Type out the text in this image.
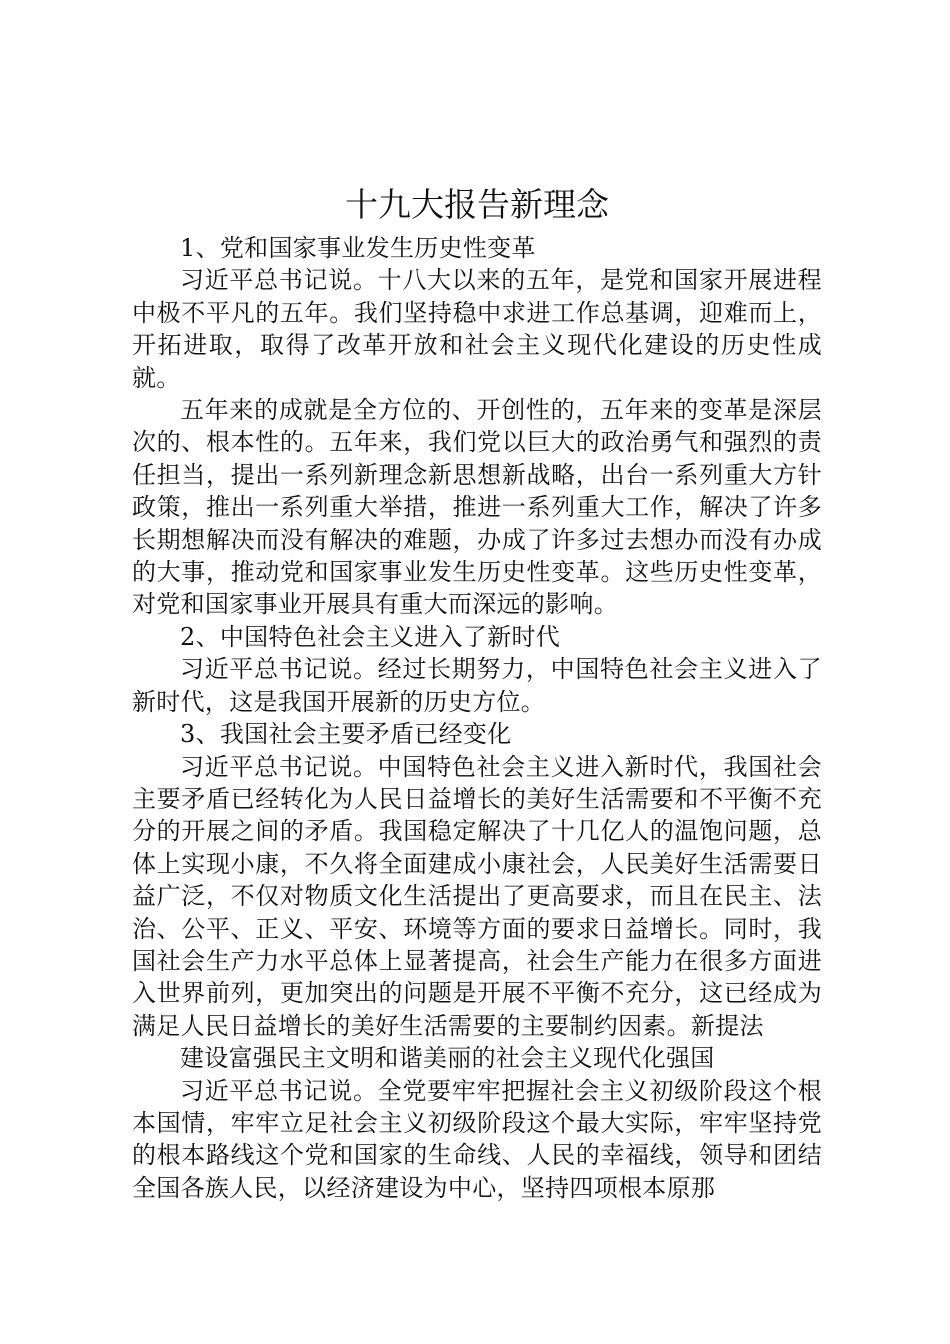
十九大报告新理念

1、党和国家事业发生历史性变革

习近平总书记说。十八大以来的五年，是党和国家开展进程中极不平凡的五年。我们坚持稳中求进工作总基调，迎难而上，开拓进取，取得了改革开放和社会主义现代化建设的历史性成就。

五年来的成就是全方位的、开创性的，五年来的变革是深层次的、根本性的。五年来，我们党以巨大的政治勇气和强烈的责任担当，提出一系列新理念新思想新战略，出台一系列重大方针政策，推出一系列重大举措，推进一系列重大工作，解决了许多长期想解决而没有解决的难题，办成了许多过去想办而没有办成的大事，推动党和国家事业发生历史性变革。这些历史性变革，对党和国家事业开展具有重大而深远的影响。

2、中国特色社会主义进入了新时代

习近平总书记说。经过长期努力，中国特色社会主义进入了新时代，这是我国开展新的历史方位。

3、我国社会主要矛盾已经变化

习近平总书记说。中国特色社会主义进入新时代，我国社会主要矛盾已经转化为人民日益增长的美好生活需要和不平衡不充分的开展之间的矛盾。我国稳定解决了十几亿人的温饱问题，总体上实现小康，不久将全面建成小康社会，人民美好生活需要日益广泛，不仅对物质文化生活提出了更高要求，而且在民主、法治、公平、正义、平安、环境等方面的要求日益增长。同时，我国社会生产力水平总体上显著提高，社会生产能力在很多方面进入世界前列，更加突出的问题是开展不平衡不充分，这已经成为满足人民日益增长的美好生活需要的主要制约因素。新提法

建设富强民主文明和谐美丽的社会主义现代化强国

习近平总书记说。全党要牢牢把握社会主义初级阶段这个根本国情，牢牢立足社会主义初级阶段这个最大实际，牢牢坚持党的根本路线这个党和国家的生命线、人民的幸福线，领导和团结全国各族人民，以经济建设为中心，坚持四项根本原那
